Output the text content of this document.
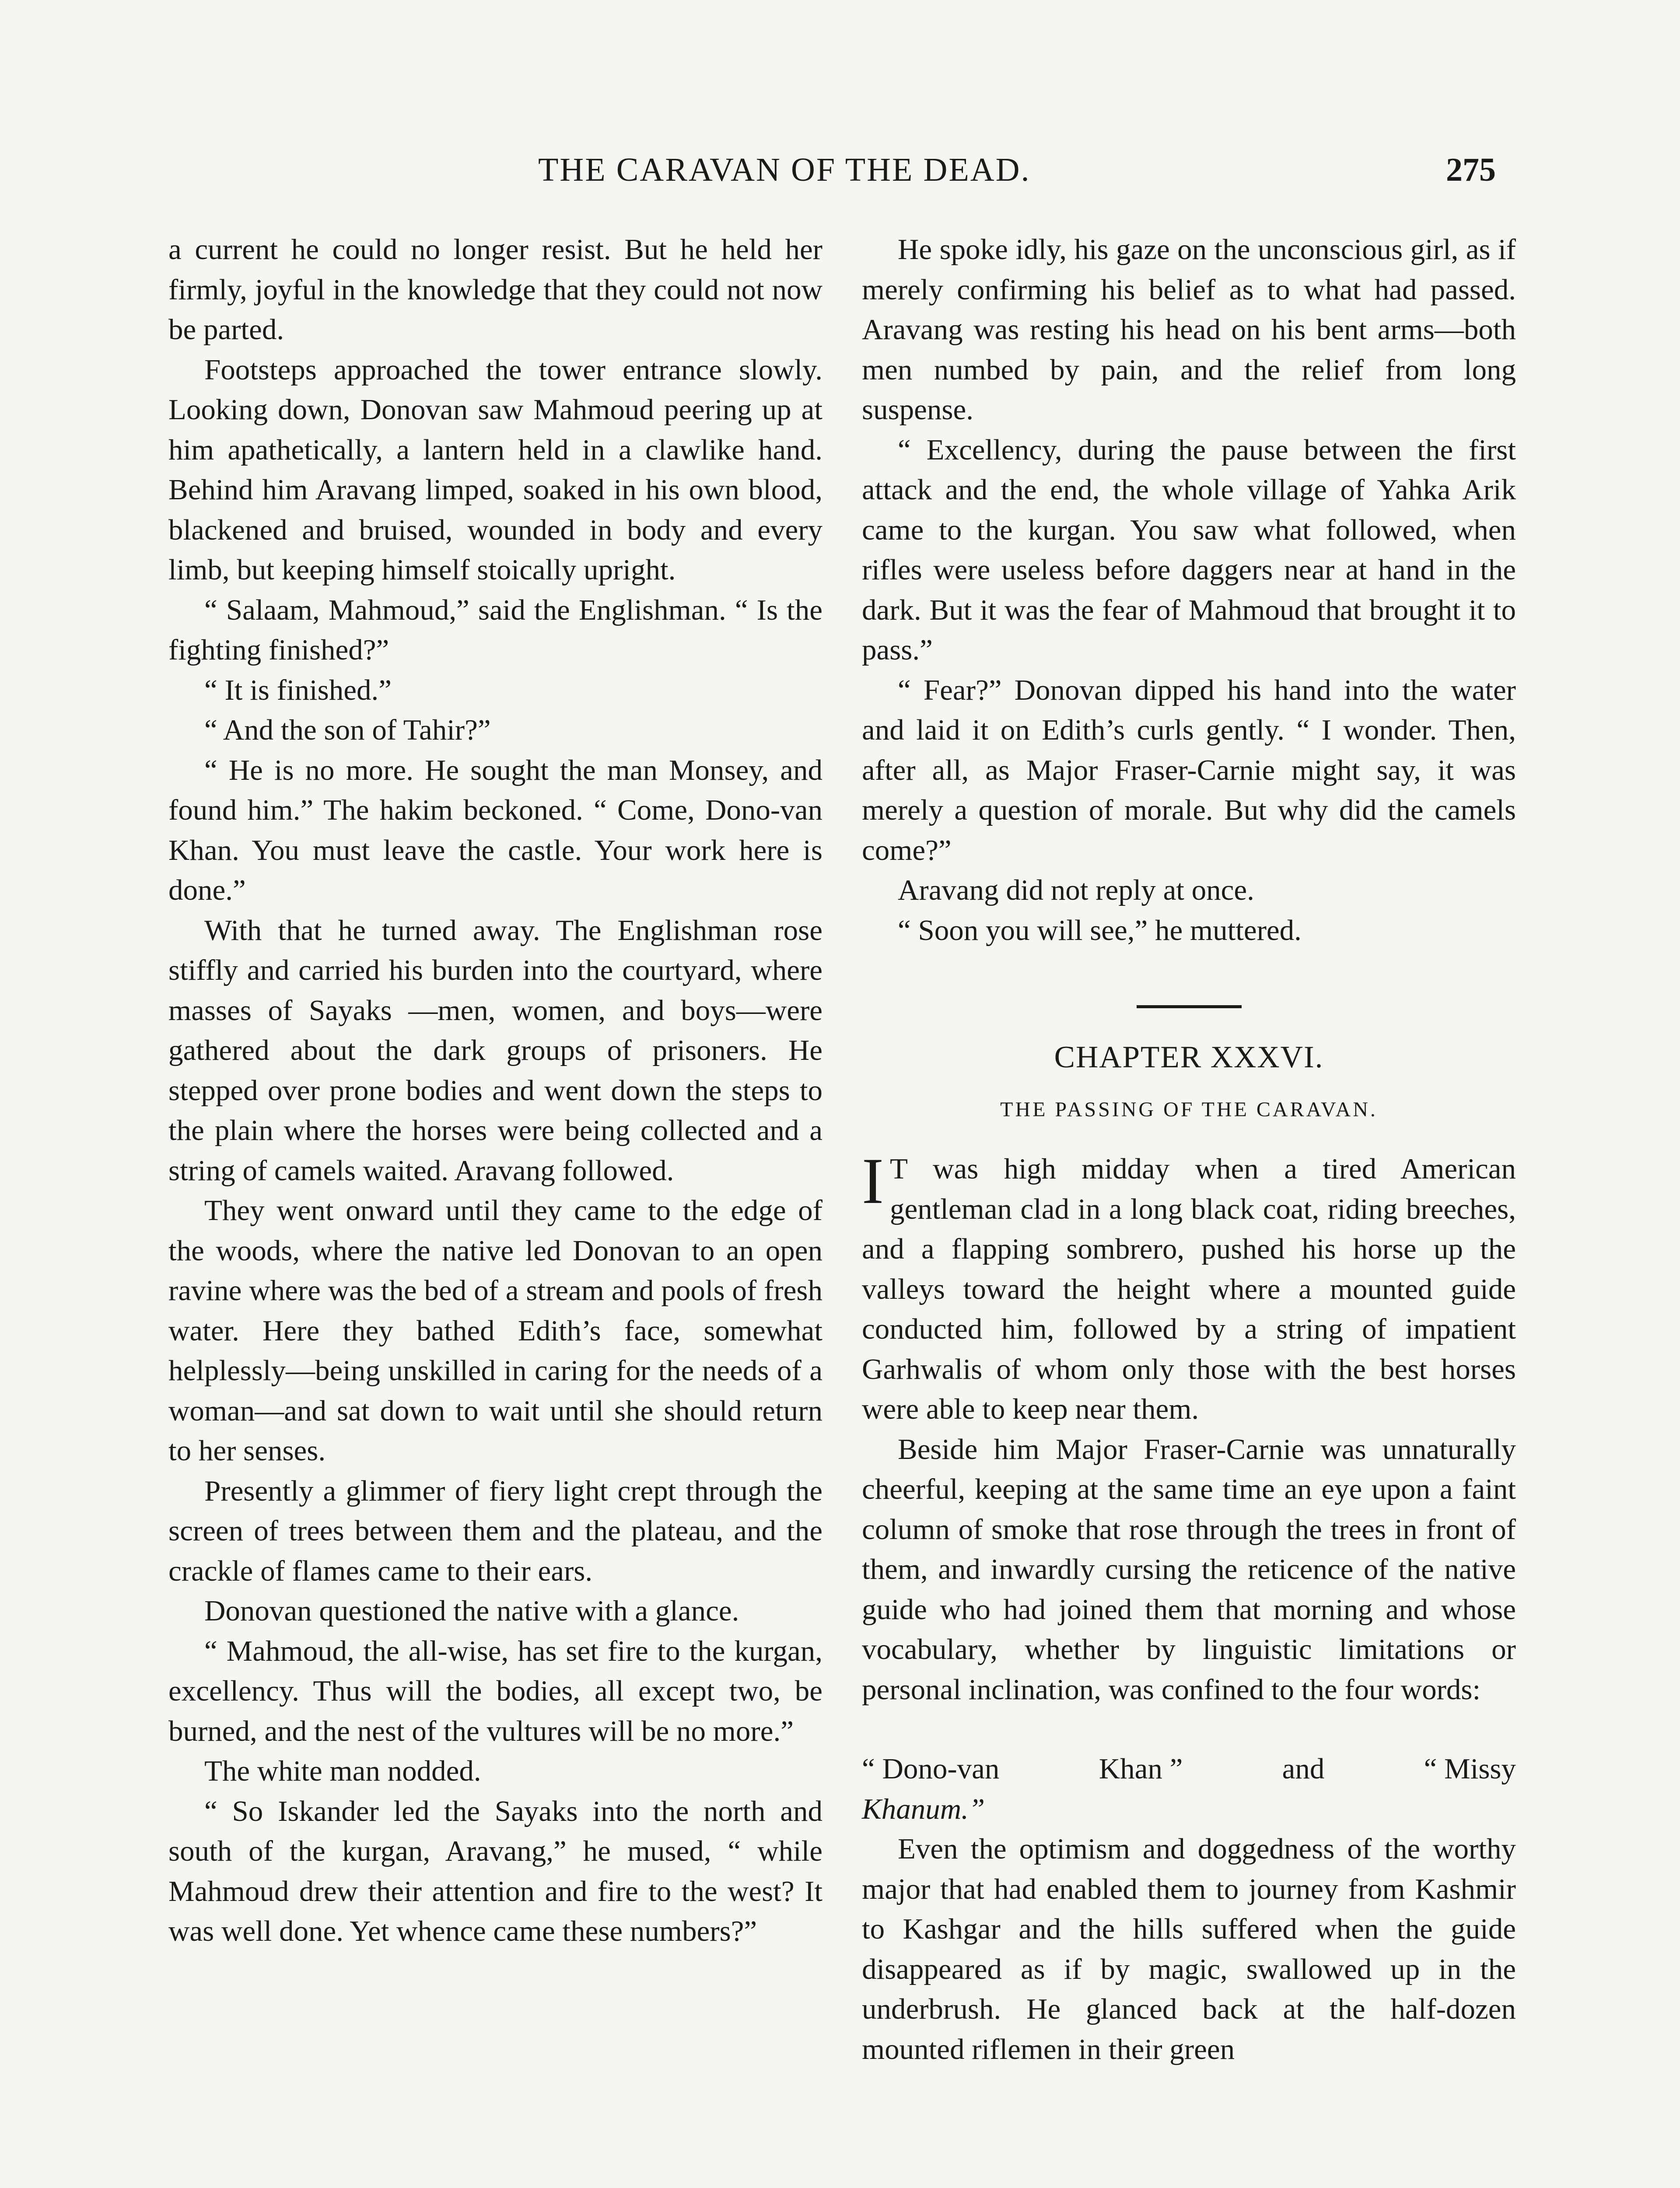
THE CARAVAN OF THE DEAD.	275

a current he could no longer resist. But he held her firmly, joyful in the knowledge that they could not now be parted.

Footsteps approached the tower entrance slowly. Looking down, Donovan saw Mahmoud peering up at him apathetically, a lantern held in a clawlike hand. Behind him Aravang limped, soaked in his own blood, blackened and bruised, wounded in body and every limb, but keeping himself stoically upright.

“ Salaam, Mahmoud,” said the Englishman. “ Is the fighting finished?”

“ It is finished.”

“ And the son of Tahir?”

“ He is no more. He sought the man Monsey, and found him.” The hakim beckoned. “ Come, Dono-van Khan. You must leave the castle. Your work here is done.”

With that he turned away. The Englishman rose stiffly and carried his burden into the courtyard, where masses of Sayaks —men, women, and boys—were gathered about the dark groups of prisoners. He stepped over prone bodies and went down the steps to the plain where the horses were being collected and a string of camels waited. Aravang followed.

They went onward until they came to the edge of the woods, where the native led Donovan to an open ravine where was the bed of a stream and pools of fresh water. Here they bathed Edith’s face, somewhat helplessly—being unskilled in caring for the needs of a woman—and sat down to wait until she should return to her senses.

Presently a glimmer of fiery light crept through the screen of trees between them and the plateau, and the crackle of flames came to their ears.

Donovan questioned the native with a glance.

“ Mahmoud, the all-wise, has set fire to the kurgan, excellency. Thus will the bodies, all except two, be burned, and the nest of the vultures will be no more.”

The white man nodded.

“ So Iskander led the Sayaks into the north and south of the kurgan, Aravang,” he mused, “ while Mahmoud drew their attention and fire to the west? It was well done. Yet whence came these numbers?”

He spoke idly, his gaze on the unconscious girl, as if merely confirming his belief as to what had passed. Aravang was resting his head on his bent arms—both men numbed by pain, and the relief from long suspense.

“ Excellency, during the pause between the first attack and the end, the whole village of Yahka Arik came to the kurgan. You saw what followed, when rifles were useless before daggers near at hand in the dark. But it was the fear of Mahmoud that brought it to pass.”

“ Fear?” Donovan dipped his hand into the water and laid it on Edith’s curls gently. “ I wonder. Then, after all, as Major Fraser-Carnie might say, it was merely a question of morale. But why did the camels come?”

Aravang did not reply at once.

“ Soon you will see,” he muttered.

CHAPTER XXXVI.
THE PASSING OF THE CARAVAN.

I T was high midday when a tired American gentleman clad in a long black coat, riding breeches, and a flapping sombrero, pushed his horse up the valleys toward the height where a mounted guide conducted him, followed by a string of impatient Garhwalis of whom only those with the best horses were able to keep near them.

Beside him Major Fraser-Carnie was unnaturally cheerful, keeping at the same time an eye upon a faint column of smoke that rose through the trees in front of them, and inwardly cursing the reticence of the native guide who had joined them that morning and whose vocabulary, whether by linguistic limitations or personal inclination, was confined to the four words:

“ Dono-van	Khan ”	and	“ Missy

Khanum.”

Even the optimism and doggedness of the worthy major that had enabled them to journey from Kashmir to Kashgar and the hills suffered when the guide disappeared as if by magic, swallowed up in the underbrush. He glanced back at the half-dozen mounted riflemen in their green
